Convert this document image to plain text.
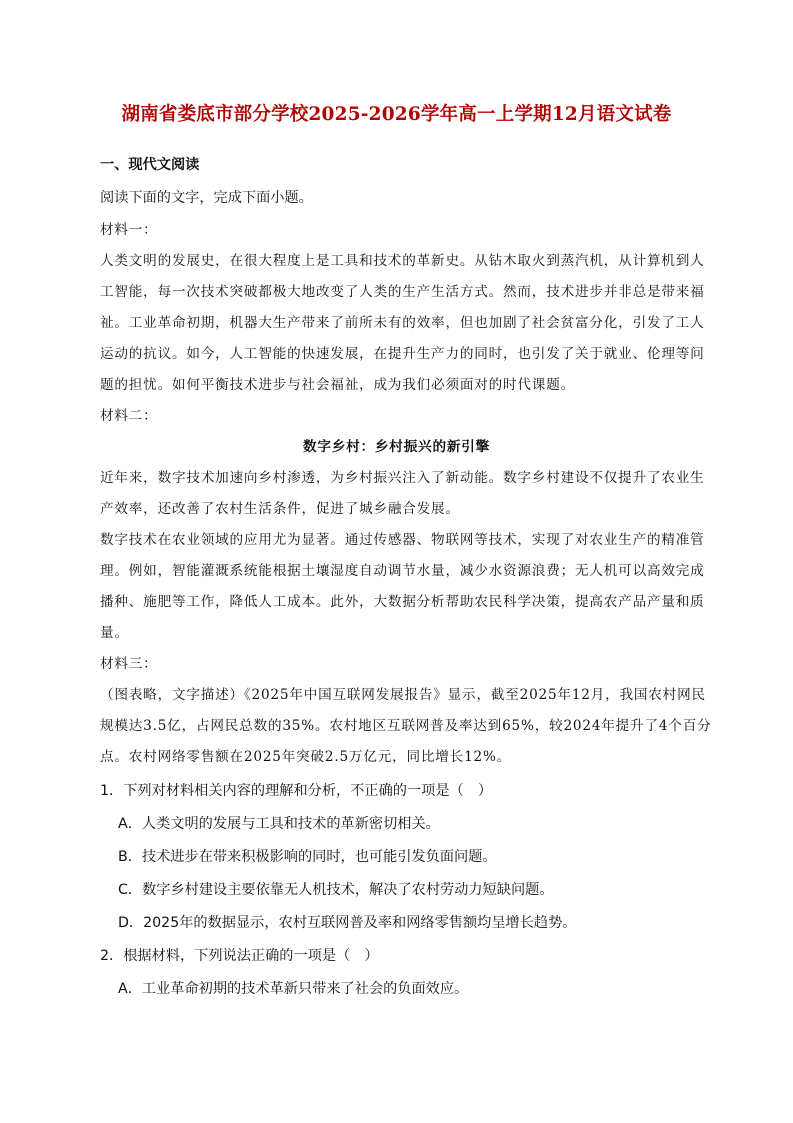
湖南省娄底市部分学校2025-2026学年高一上学期12月语文试卷
一、现代文阅读
阅读下面的文字，完成下面小题。
材料一：
人类文明的发展史，在很大程度上是工具和技术的革新史。从钻木取火到蒸汽机，从计算机到人
工智能，每一次技术突破都极大地改变了人类的生产生活方式。然而，技术进步并非总是带来福
祉。工业革命初期，机器大生产带来了前所未有的效率，但也加剧了社会贫富分化，引发了工人
运动的抗议。如今，人工智能的快速发展，在提升生产力的同时，也引发了关于就业、伦理等问
题的担忧。如何平衡技术进步与社会福祉，成为我们必须面对的时代课题。
材料二：
数字乡村：乡村振兴的新引擎
近年来，数字技术加速向乡村渗透，为乡村振兴注入了新动能。数字乡村建设不仅提升了农业生
产效率，还改善了农村生活条件，促进了城乡融合发展。
数字技术在农业领域的应用尤为显著。通过传感器、物联网等技术，实现了对农业生产的精准管
理。例如，智能灌溉系统能根据土壤湿度自动调节水量，减少水资源浪费；无人机可以高效完成
播种、施肥等工作，降低人工成本。此外，大数据分析帮助农民科学决策，提高农产品产量和质
量。
材料三：
（图表略，文字描述）《2025年中国互联网发展报告》显示，截至2025年12月，我国农村网民
规模达3.5亿，占网民总数的35%。农村地区互联网普及率达到65%，较2024年提升了4个百分
点。农村网络零售额在2025年突破2.5万亿元，同比增长12%。
1．下列对材料相关内容的理解和分析，不正确的一项是（　）
A．人类文明的发展与工具和技术的革新密切相关。
B．技术进步在带来积极影响的同时，也可能引发负面问题。
C．数字乡村建设主要依靠无人机技术，解决了农村劳动力短缺问题。
D．2025年的数据显示，农村互联网普及率和网络零售额均呈增长趋势。
2．根据材料，下列说法正确的一项是（　）
A．工业革命初期的技术革新只带来了社会的负面效应。
